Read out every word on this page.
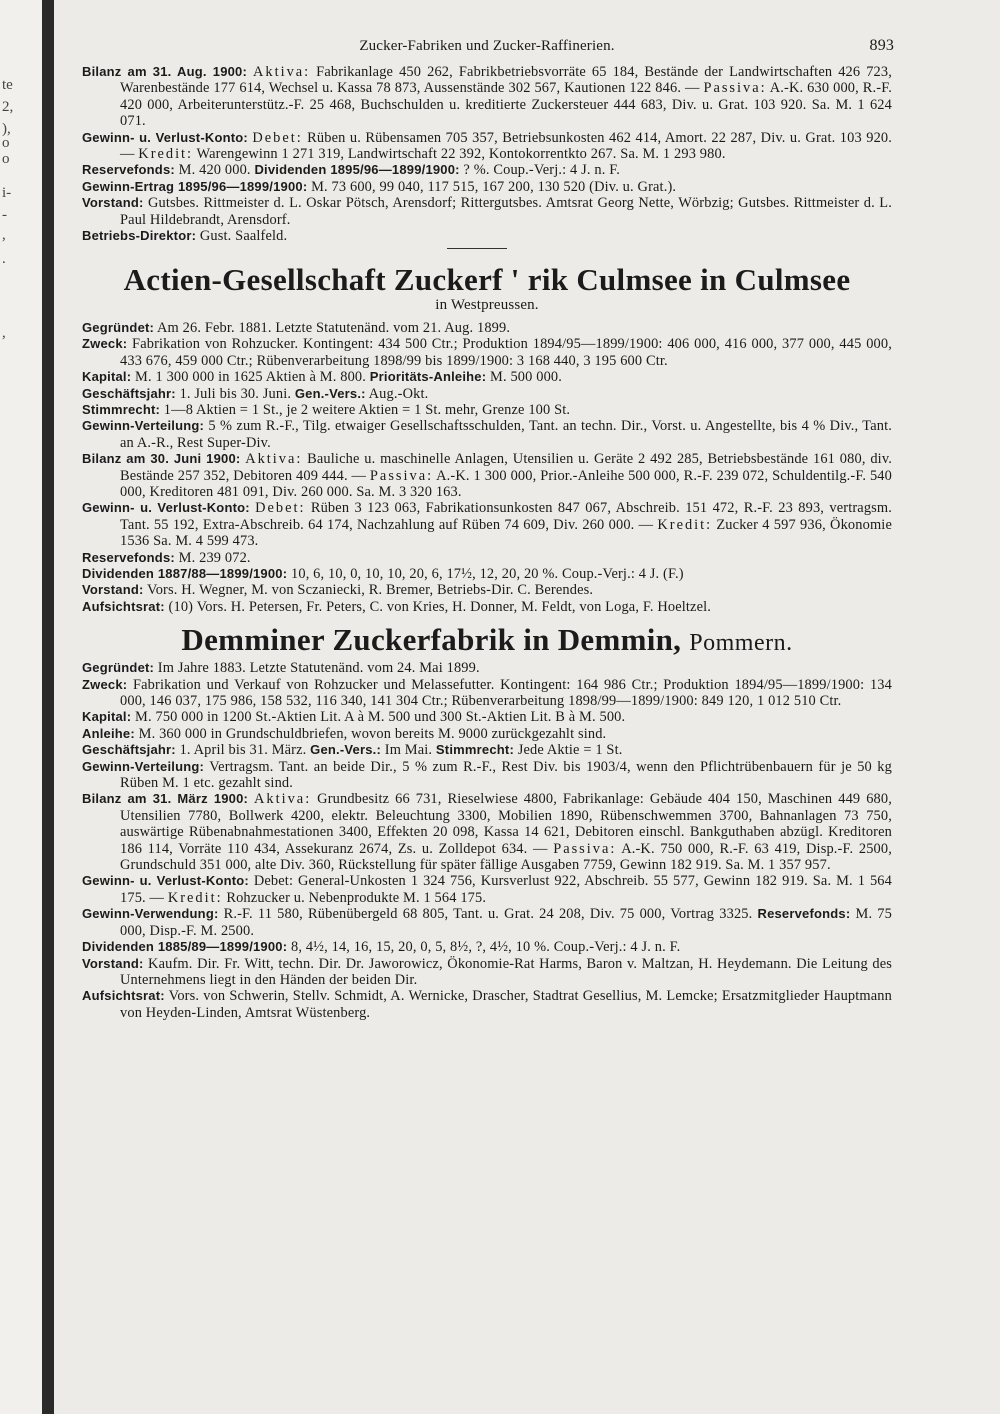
te
2,
),
o
o
i-
-
,
.
,
Zucker-Fabriken und Zucker-Raffinerien.	893

Bilanz am 31. Aug. 1900: Aktiva: Fabrikanlage 450 262, Fabrikbetriebsvorräte 65 184, Bestände der Landwirtschaften 426 723, Warenbestände 177 614, Wechsel u. Kassa 78 873, Aussenstände 302 567, Kautionen 122 846. — Passiva: A.-K. 630 000, R.-F. 420 000, Arbeiterunterstütz.-F. 25 468, Buchschulden u. kreditierte Zuckersteuer 444 683, Div. u. Grat. 103 920. Sa. M. 1 624 071.

Gewinn- u. Verlust-Konto: Debet: Rüben u. Rübensamen 705 357, Betriebsunkosten 462 414, Amort. 22 287, Div. u. Grat. 103 920. — Kredit: Warengewinn 1 271 319, Landwirtschaft 22 392, Kontokorrentkto 267. Sa. M. 1 293 980.

Reservefonds: M. 420 000. Dividenden 1895/96—1899/1900: ? %. Coup.-Verj.: 4 J. n. F.

Gewinn-Ertrag 1895/96—1899/1900: M. 73 600, 99 040, 117 515, 167 200, 130 520 (Div. u. Grat.).

Vorstand: Gutsbes. Rittmeister d. L. Oskar Pötsch, Arensdorf; Rittergutsbes. Amtsrat Georg Nette, Wörbzig; Gutsbes. Rittmeister d. L. Paul Hildebrandt, Arensdorf.

Betriebs-Direktor: Gust. Saalfeld.

Actien-Gesellschaft Zuckerf ' rik Culmsee in Culmsee
in Westpreussen.

Gegründet: Am 26. Febr. 1881. Letzte Statutenänd. vom 21. Aug. 1899.

Zweck: Fabrikation von Rohzucker. Kontingent: 434 500 Ctr.; Produktion 1894/95—1899/1900: 406 000, 416 000, 377 000, 445 000, 433 676, 459 000 Ctr.; Rübenverarbeitung 1898/99 bis 1899/1900: 3 168 440, 3 195 600 Ctr.

Kapital: M. 1 300 000 in 1625 Aktien à M. 800. Prioritäts-Anleihe: M. 500 000.

Geschäftsjahr: 1. Juli bis 30. Juni. Gen.-Vers.: Aug.-Okt.

Stimmrecht: 1—8 Aktien = 1 St., je 2 weitere Aktien = 1 St. mehr, Grenze 100 St.

Gewinn-Verteilung: 5 % zum R.-F., Tilg. etwaiger Gesellschaftsschulden, Tant. an techn. Dir., Vorst. u. Angestellte, bis 4 % Div., Tant. an A.-R., Rest Super-Div.

Bilanz am 30. Juni 1900: Aktiva: Bauliche u. maschinelle Anlagen, Utensilien u. Geräte 2 492 285, Betriebsbestände 161 080, div. Bestände 257 352, Debitoren 409 444. — Passiva: A.-K. 1 300 000, Prior.-Anleihe 500 000, R.-F. 239 072, Schuldentilg.-F. 540 000, Kreditoren 481 091, Div. 260 000. Sa. M. 3 320 163.

Gewinn- u. Verlust-Konto: Debet: Rüben 3 123 063, Fabrikationsunkosten 847 067, Abschreib. 151 472, R.-F. 23 893, vertragsm. Tant. 55 192, Extra-Abschreib. 64 174, Nachzahlung auf Rüben 74 609, Div. 260 000. — Kredit: Zucker 4 597 936, Ökonomie 1536 Sa. M. 4 599 473.

Reservefonds: M. 239 072.

Dividenden 1887/88—1899/1900: 10, 6, 10, 0, 10, 10, 20, 6, 17½, 12, 20, 20 %. Coup.-Verj.: 4 J. (F.)

Vorstand: Vors. H. Wegner, M. von Sczaniecki, R. Bremer, Betriebs-Dir. C. Berendes.

Aufsichtsrat: (10) Vors. H. Petersen, Fr. Peters, C. von Kries, H. Donner, M. Feldt, von Loga, F. Hoeltzel.

Demminer Zuckerfabrik in Demmin, Pommern.

Gegründet: Im Jahre 1883. Letzte Statutenänd. vom 24. Mai 1899.

Zweck: Fabrikation und Verkauf von Rohzucker und Melassefutter. Kontingent: 164 986 Ctr.; Produktion 1894/95—1899/1900: 134 000, 146 037, 175 986, 158 532, 116 340, 141 304 Ctr.; Rübenverarbeitung 1898/99—1899/1900: 849 120, 1 012 510 Ctr.

Kapital: M. 750 000 in 1200 St.-Aktien Lit. A à M. 500 und 300 St.-Aktien Lit. B à M. 500.

Anleihe: M. 360 000 in Grundschuldbriefen, wovon bereits M. 9000 zurückgezahlt sind.

Geschäftsjahr: 1. April bis 31. März. Gen.-Vers.: Im Mai. Stimmrecht: Jede Aktie = 1 St.

Gewinn-Verteilung: Vertragsm. Tant. an beide Dir., 5 % zum R.-F., Rest Div. bis 1903/4, wenn den Pflichtrübenbauern für je 50 kg Rüben M. 1 etc. gezahlt sind.

Bilanz am 31. März 1900: Aktiva: Grundbesitz 66 731, Rieselwiese 4800, Fabrikanlage: Gebäude 404 150, Maschinen 449 680, Utensilien 7780, Bollwerk 4200, elektr. Beleuchtung 3300, Mobilien 1890, Rübenschwemmen 3700, Bahnanlagen 73 750, auswärtige Rübenabnahmestationen 3400, Effekten 20 098, Kassa 14 621, Debitoren einschl. Bankguthaben abzügl. Kreditoren 186 114, Vorräte 110 434, Assekuranz 2674, Zs. u. Zolldepot 634. — Passiva: A.-K. 750 000, R.-F. 63 419, Disp.-F. 2500, Grundschuld 351 000, alte Div. 360, Rückstellung für später fällige Ausgaben 7759, Gewinn 182 919. Sa. M. 1 357 957.

Gewinn- u. Verlust-Konto: Debet: General-Unkosten 1 324 756, Kursverlust 922, Abschreib. 55 577, Gewinn 182 919. Sa. M. 1 564 175. — Kredit: Rohzucker u. Nebenprodukte M. 1 564 175.

Gewinn-Verwendung: R.-F. 11 580, Rübenübergeld 68 805, Tant. u. Grat. 24 208, Div. 75 000, Vortrag 3325. Reservefonds: M. 75 000, Disp.-F. M. 2500.

Dividenden 1885/89—1899/1900: 8, 4½, 14, 16, 15, 20, 0, 5, 8½, ?, 4½, 10 %. Coup.-Verj.: 4 J. n. F.

Vorstand: Kaufm. Dir. Fr. Witt, techn. Dir. Dr. Jaworowicz, Ökonomie-Rat Harms, Baron v. Maltzan, H. Heydemann. Die Leitung des Unternehmens liegt in den Händen der beiden Dir.

Aufsichtsrat: Vors. von Schwerin, Stellv. Schmidt, A. Wernicke, Drascher, Stadtrat Gesellius, M. Lemcke; Ersatzmitglieder Hauptmann von Heyden-Linden, Amtsrat Wüstenberg.
